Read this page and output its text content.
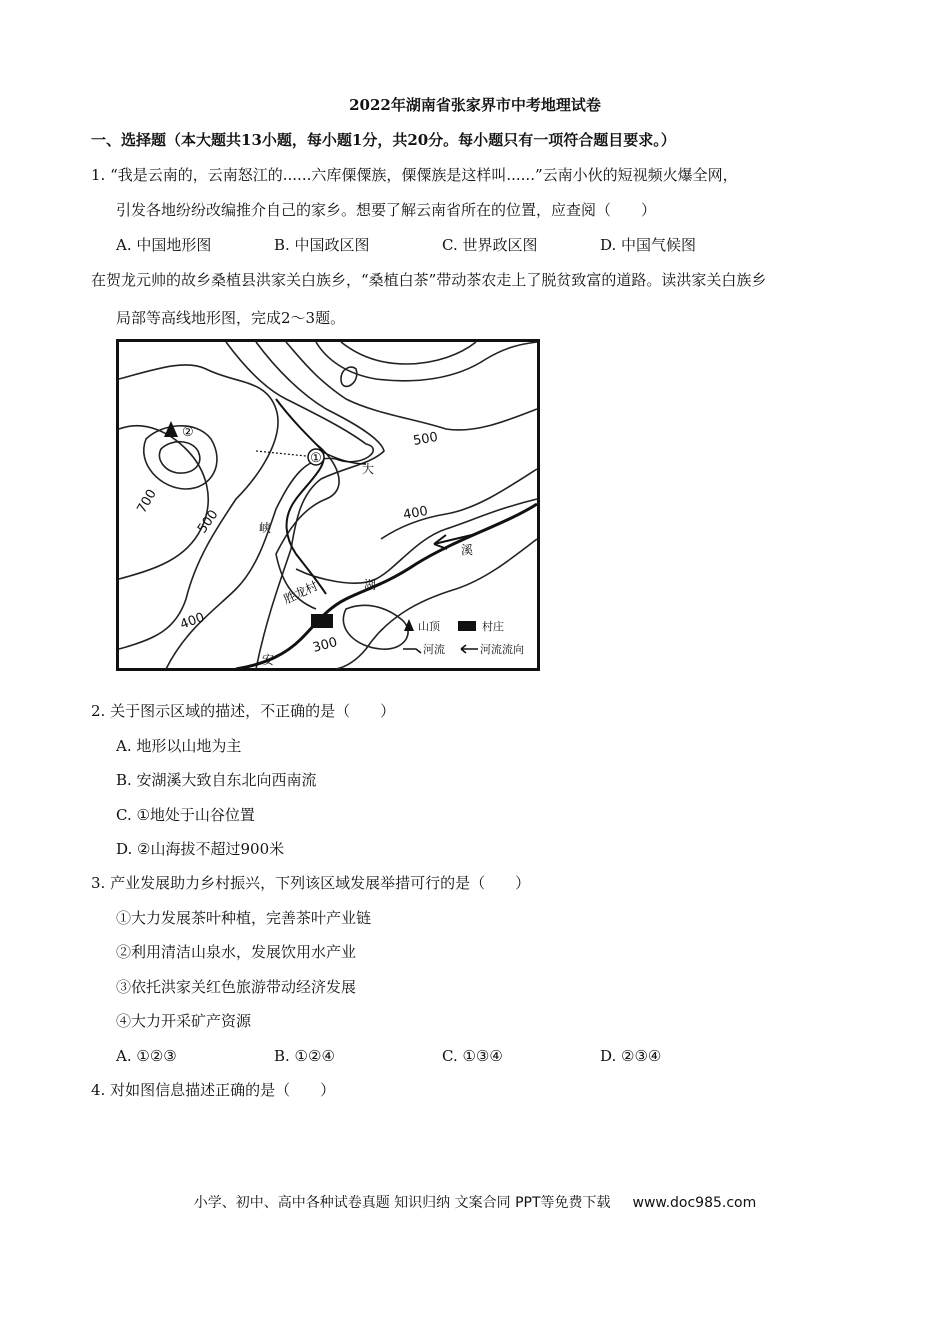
2022年湖南省张家界市中考地理试卷
一、选择题（本大题共13小题，每小题1分，共20分。每小题只有一项符合题目要求。）
1. “我是云南的，云南怒江的......六库傈僳族，傈僳族是这样叫......”云南小伙的短视频火爆全网，
引发各地纷纷改编推介自己的家乡。想要了解云南省所在的位置，应查阅（　　）
A. 中国地形图	B. 中国政区图	C. 世界政区图	D. 中国气候图
在贺龙元帅的故乡桑植县洪家关白族乡，“桑植白茶”带动茶农走上了脱贫致富的道路。读洪家关白族乡
局部等高线地形图，完成2～3题。
①
②
胜龙村
500
700
500	400
400
300
安
湖
溪
大
峡
山顶	村庄
河流	河流流向
2. 关于图示区域的描述，不正确的是（　　）
A. 地形以山地为主
B. 安湖溪大致自东北向西南流
C. ①地处于山谷位置
D. ②山海拔不超过900米
3. 产业发展助力乡村振兴，下列该区域发展举措可行的是（　　）
①大力发展茶叶种植，完善茶叶产业链
②利用清洁山泉水，发展饮用水产业
③依托洪家关红色旅游带动经济发展
④大力开采矿产资源
A. ①②③	B. ①②④	C. ①③④	D. ②③④
4. 对如图信息描述正确的是（　　）
小学、初中、高中各种试卷真题 知识归纳 文案合同 PPT等免费下载 www.doc985.com
